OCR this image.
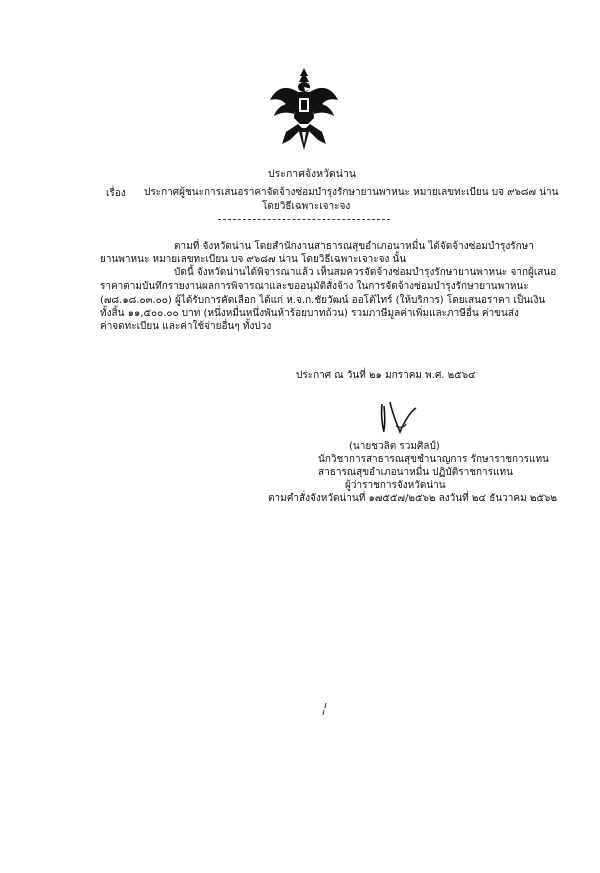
ประกาศจังหวัดน่าน
เรื่อง ประกาศผู้ชนะการเสนอราคาจัดจ้างซ่อมบำรุงรักษายานพาหนะ หมายเลขทะเบียน บจ ๙๖๘๗ น่าน
โดยวิธีเฉพาะเจาะจง
ตามที่ จังหวัดน่าน โดยสำนักงานสาธารณสุขอำเภอนาหมื่น ได้จัดจ้างซ่อมบำรุงรักษา
ยานพาหนะ หมายเลขทะเบียน บจ ๙๖๘๗ น่าน โดยวิธีเฉพาะเจาะจง นั้น
บัดนี้ จังหวัดน่านได้พิจารณาแล้ว เห็นสมควรจัดจ้างซ่อมบำรุงรักษายานพาหนะ จากผู้เสนอ
ราคาตามบันทึกรายงานผลการพิจารณาและขออนุมัติสั่งจ้าง ในการจัดจ้างซ่อมบำรุงรักษายานพาหนะ
(๗๘.๑๘.๐๓.๐๐) ผู้ได้รับการคัดเลือก ได้แก่ ห.จ.ก.ชัยวัฒน์ ออโต้ไทร์ (ให้บริการ) โดยเสนอราคา เป็นเงิน
ทั้งสิ้น ๑๑,๕๐๐.๐๐ บาท (หนึ่งหมื่นหนึ่งพันห้าร้อยบาทถ้วน) รวมภาษีมูลค่าเพิ่มและภาษีอื่น ค่าขนส่ง
ค่าจดทะเบียน และค่าใช้จ่ายอื่นๆ ทั้งปวง
ประกาศ ณ วันที่ ๒๑ มกราคม พ.ศ. ๒๕๖๔
(นายชวลิต รวมศิลป์)
นักวิชาการสาธารณสุขชำนาญการ รักษาราชการแทน
สาธารณสุขอำเภอนาหมื่น ปฏิบัติราชการแทน
ผู้ว่าราชการจังหวัดน่าน
ตามคำสั่งจังหวัดน่านที่ ๑๗๕๕๗/๒๕๖๒ ลงวันที่ ๒๔ ธันวาคม ๒๕๖๒
